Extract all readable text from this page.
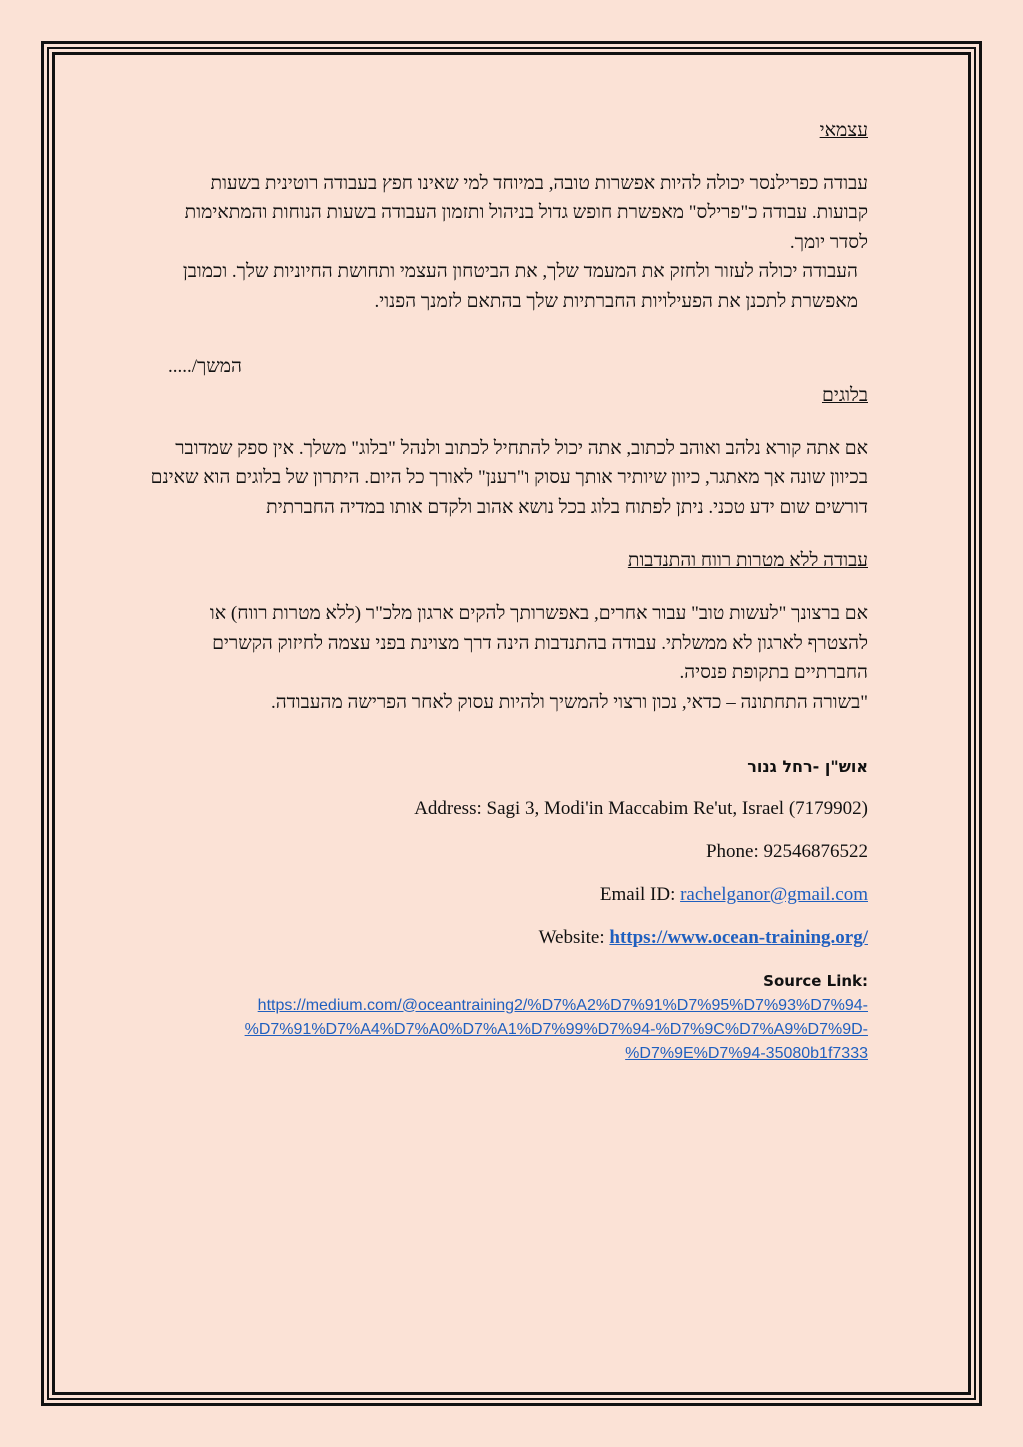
עצמאי

עבודה כפרילנסר יכולה להיות אפשרות טובה, במיוחד למי שאינו חפץ בעבודה רוטינית בשעות קבועות. עבודה כ"פרילס" מאפשרת חופש גדול בניהול ותזמון העבודה בשעות הנוחות והמתאימות לסדר יומך.

העבודה יכולה לעזור ולחזק את המעמד שלך, את הביטחון העצמי ותחושת החיוניות שלך. וכמובן מאפשרת לתכנן את הפעילויות החברתיות שלך בהתאם לזמנך הפנוי.

המשך/.....
בלוגים

אם אתה קורא נלהב ואוהב לכתוב, אתה יכול להתחיל לכתוב ולנהל "בלוג" משלך. אין ספק שמדובר בכיוון שונה אך מאתגר, כיוון שיותיר אותך עסוק ו"רענן" לאורך כל היום. היתרון של בלוגים הוא שאינם דורשים שום ידע טכני. ניתן לפתוח בלוג בכל נושא אהוב ולקדם אותו במדיה החברתית

עבודה ללא מטרות רווח והתנדבות

אם ברצונך "לעשות טוב" עבור אחרים, באפשרותך להקים ארגון מלכ"ר (ללא מטרות רווח) או להצטרף לארגון לא ממשלתי. עבודה בהתנדבות הינה דרך מצוינת בפני עצמה לחיזוק הקשרים החברתיים בתקופת פנסיה.

"בשורה התחתונה – כדאי, נכון ורצוי להמשיך ולהיות עסוק לאחר הפרישה מהעבודה.

אוש"ן -רחל גנור
Address: Sagi 3, Modi'in Maccabim Re'ut, Israel (7179902)
Phone: 92546876522
Email ID: rachelganor@gmail.com
Website: https://www.ocean-training.org/
Source Link:
https://medium.com/@oceantraining2/%D7%A2%D7%91%D7%95%D7%93%D7%94-
%D7%91%D7%A4%D7%A0%D7%A1%D7%99%D7%94-%D7%9C%D7%A9%D7%9D-
%D7%9E%D7%94-35080b1f7333
